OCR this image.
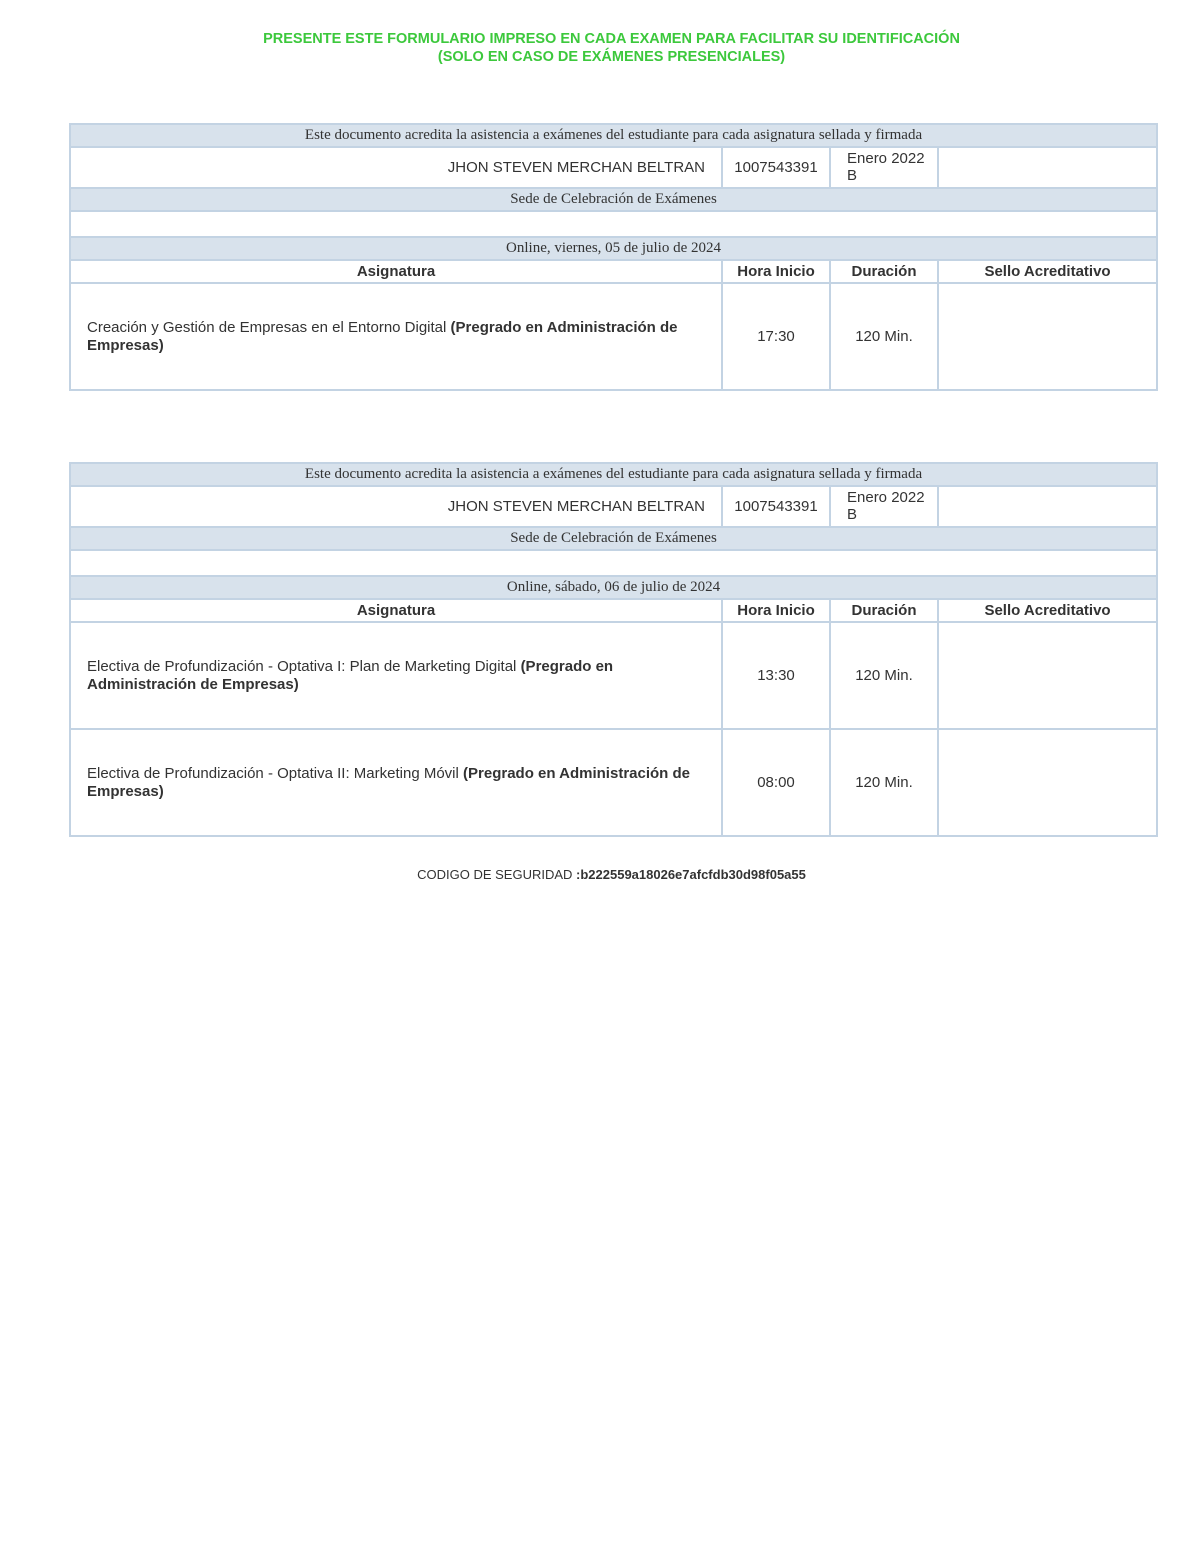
PRESENTE ESTE FORMULARIO IMPRESO EN CADA EXAMEN PARA FACILITAR SU IDENTIFICACIÓN
(SOLO EN CASO DE EXÁMENES PRESENCIALES)
Este documento acredita la asistencia a exámenes del estudiante para cada asignatura sellada y firmada			
JHON STEVEN MERCHAN BELTRAN	1007543391	Enero 2022
B	
Sede de Celebración de Exámenes			

Online, viernes, 05 de julio de 2024			
Asignatura	Hora Inicio	Duración	Sello Acreditativo
Creación y Gestión de Empresas en el Entorno Digital (Pregrado en Administración de Empresas)	17:30	120 Min.	
Este documento acredita la asistencia a exámenes del estudiante para cada asignatura sellada y firmada			
JHON STEVEN MERCHAN BELTRAN	1007543391	Enero 2022
B	
Sede de Celebración de Exámenes			

Online, sábado, 06 de julio de 2024			
Asignatura	Hora Inicio	Duración	Sello Acreditativo
Electiva de Profundización - Optativa I: Plan de Marketing Digital (Pregrado en Administración de Empresas)	13:30	120 Min.	
Electiva de Profundización - Optativa II: Marketing Móvil (Pregrado en Administración de Empresas)	08:00	120 Min.	
CODIGO DE SEGURIDAD :b222559a18026e7afcfdb30d98f05a55
